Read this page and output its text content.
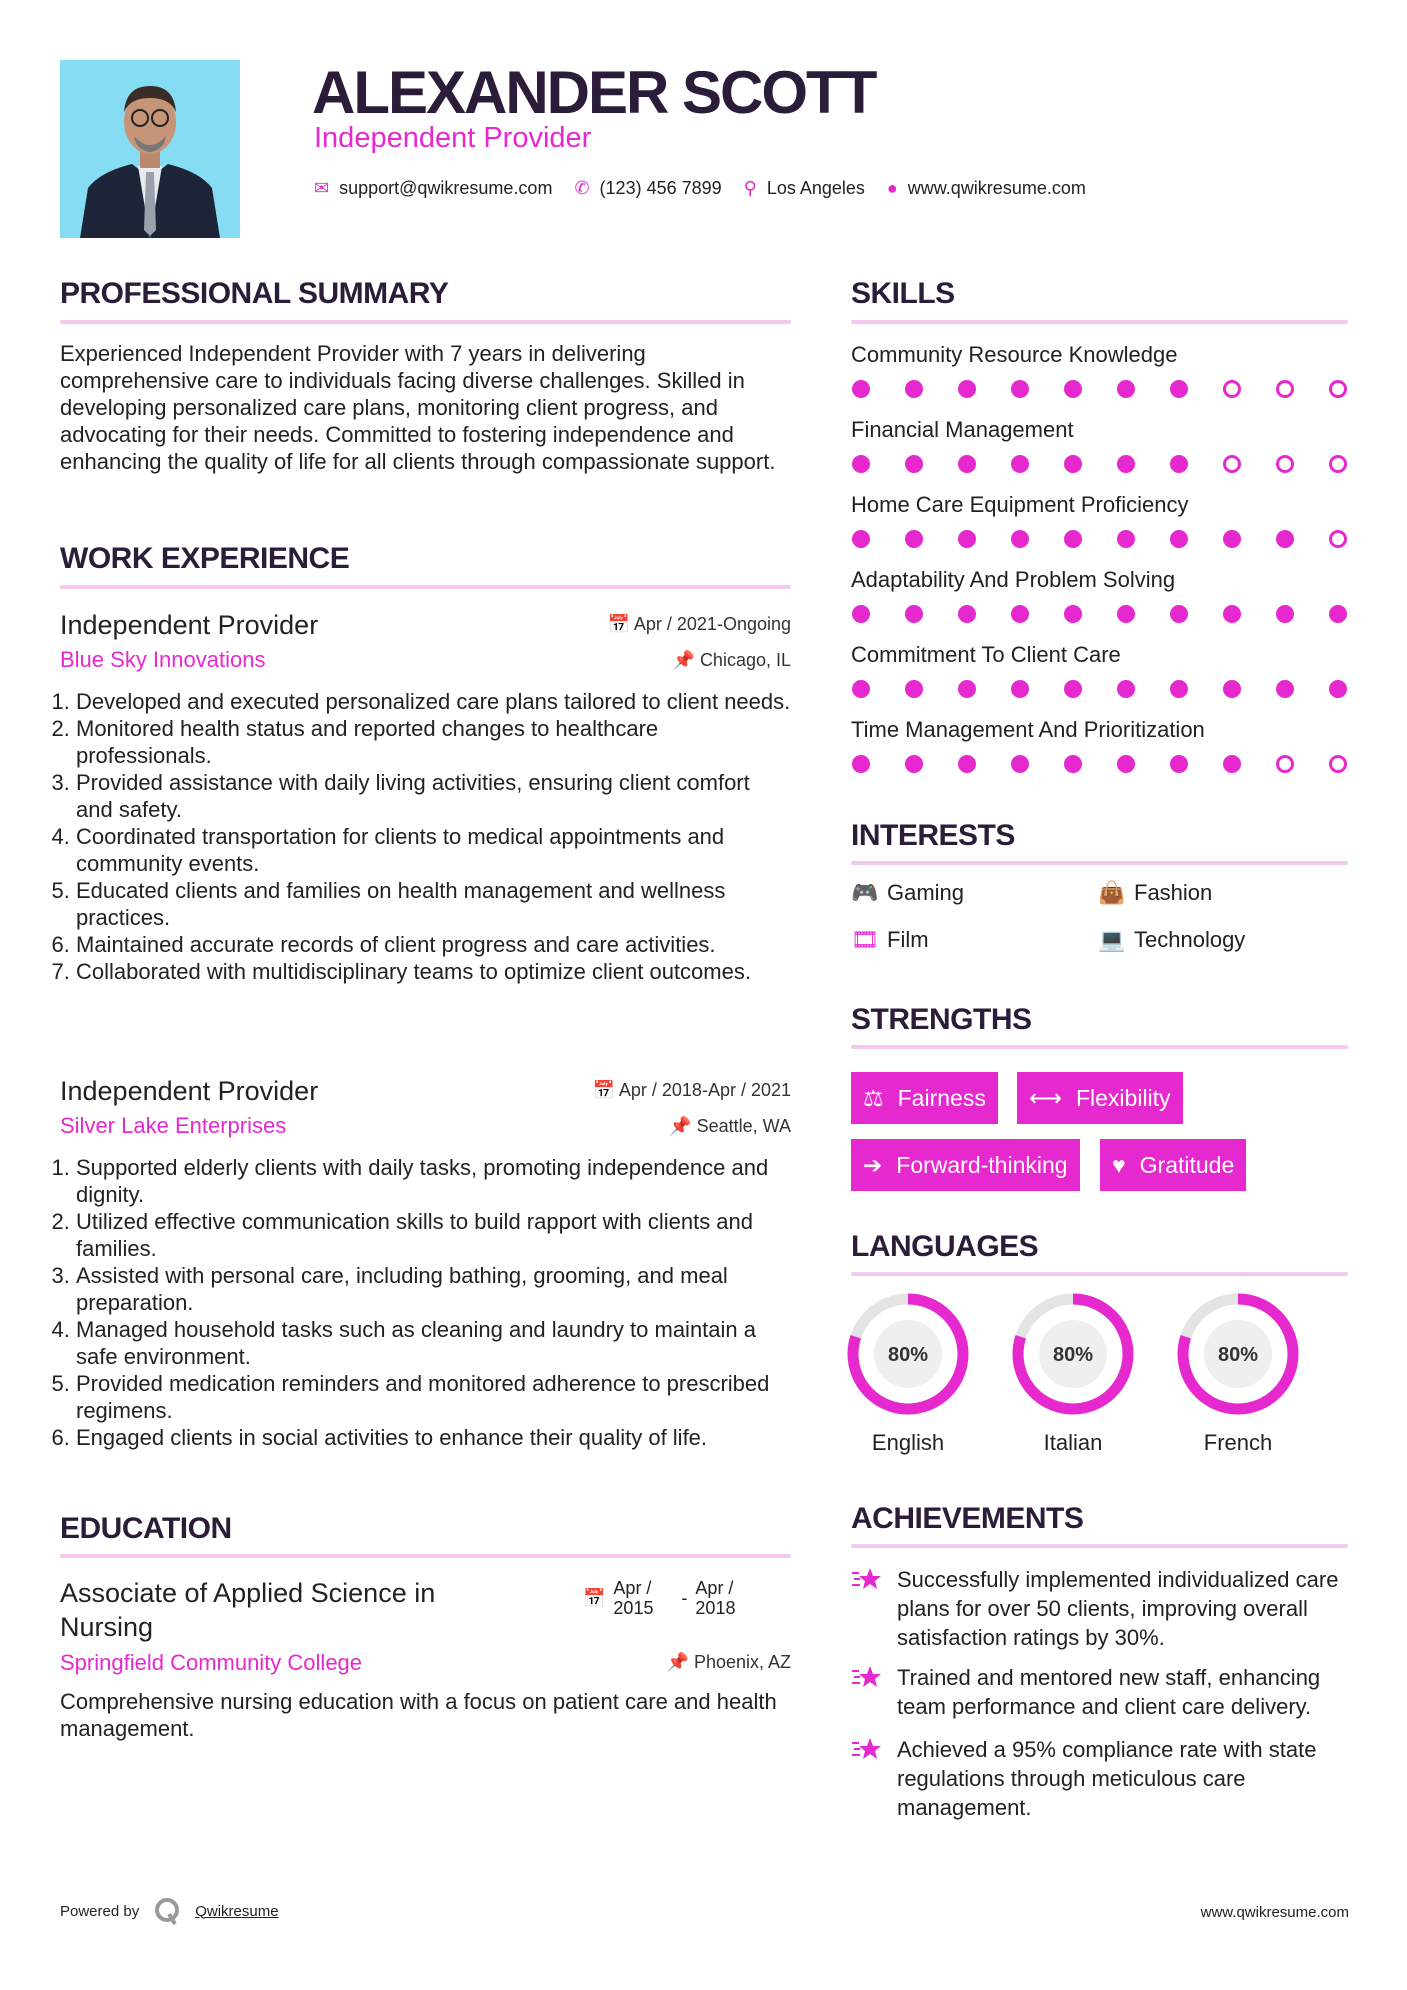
ALEXANDER SCOTT
Independent Provider
✉ support@qwikresume.com ✆ (123) 456 7899 ⚲ Los Angeles ● www.qwikresume.com
PROFESSIONAL SUMMARY
Experienced Independent Provider with 7 years in delivering comprehensive care to individuals facing diverse challenges. Skilled in developing personalized care plans, monitoring client progress, and advocating for their needs. Committed to fostering independence and enhancing the quality of life for all clients through compassionate support.
WORK EXPERIENCE
Independent Provider	📅 Apr / 2021-Ongoing
Blue Sky Innovations	📌 Chicago, IL
1. Developed and executed personalized care plans tailored to client needs.
2. Monitored health status and reported changes to healthcare professionals.
3. Provided assistance with daily living activities, ensuring client comfort and safety.
4. Coordinated transportation for clients to medical appointments and community events.
5. Educated clients and families on health management and wellness practices.
6. Maintained accurate records of client progress and care activities.
7. Collaborated with multidisciplinary teams to optimize client outcomes.
Independent Provider	📅 Apr / 2018-Apr / 2021
Silver Lake Enterprises	📌 Seattle, WA
1. Supported elderly clients with daily tasks, promoting independence and dignity.
2. Utilized effective communication skills to build rapport with clients and families.
3. Assisted with personal care, including bathing, grooming, and meal preparation.
4. Managed household tasks such as cleaning and laundry to maintain a safe environment.
5. Provided medication reminders and monitored adherence to prescribed regimens.
6. Engaged clients in social activities to enhance their quality of life.
EDUCATION
Associate of Applied Science in Nursing
📅 Apr / 2015	- Apr / 2018
Springfield Community College	📌 Phoenix, AZ
Comprehensive nursing education with a focus on patient care and health management.
SKILLS
Community Resource Knowledge
Financial Management
Home Care Equipment Proficiency
Adaptability And Problem Solving
Commitment To Client Care
Time Management And Prioritization
INTERESTS
🎮 Gaming	👜 Fashion
🎞 Film	💻 Technology
STRENGTHS
⚖ Fairness ⟷ Flexibility
➔ Forward-thinking ♥ Gratitude
LANGUAGES
80%
English
80%
Italian
80%
French
ACHIEVEMENTS
Successfully implemented individualized care plans for over 50 clients, improving overall satisfaction ratings by 30%.
Trained and mentored new staff, enhancing team performance and client care delivery.
Achieved a 95% compliance rate with state regulations through meticulous care management.
Powered by	Qwikresume	www.qwikresume.com
